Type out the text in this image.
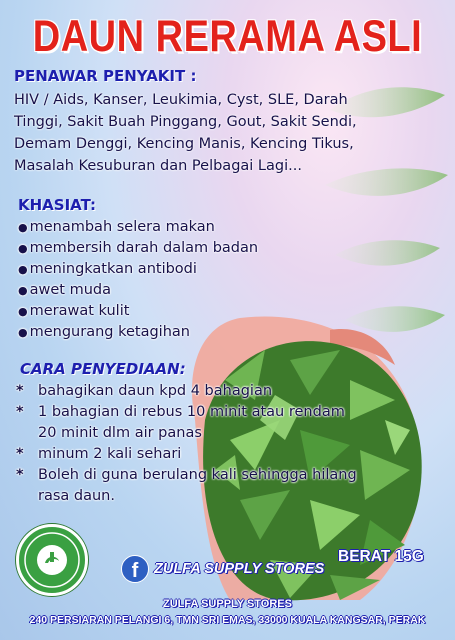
DAUN RERAMA ASLI
PENAWAR PENYAKIT :
HIV / Aids, Kanser, Leukimia, Cyst, SLE, Darah
Tinggi, Sakit Buah Pinggang, Gout, Sakit Sendi,
Demam Denggi, Kencing Manis, Kencing Tikus,
Masalah Kesuburan dan Pelbagai Lagi...
KHASIAT:
● menambah selera makan
● membersih darah dalam badan
● meningkatkan antibodi
● awet muda
● merawat kulit
● mengurang ketagihan
CARA PENYEDIAAN:
* bahagikan daun kpd 4 bahagian
* 1 bahagian di rebus 10 minit atau rendam
20 minit dlm air panas
* minum 2 kali sehari
* Boleh di guna berulang kali sehingga hilang
rasa daun.
BERAT 15G
f ZULFA SUPPLY STORES
ZULFA SUPPLY STORES
240 PERSIARAN PELANGI 6, TMN SRI EMAS, 33000 KUALA KANGSAR, PERAK
